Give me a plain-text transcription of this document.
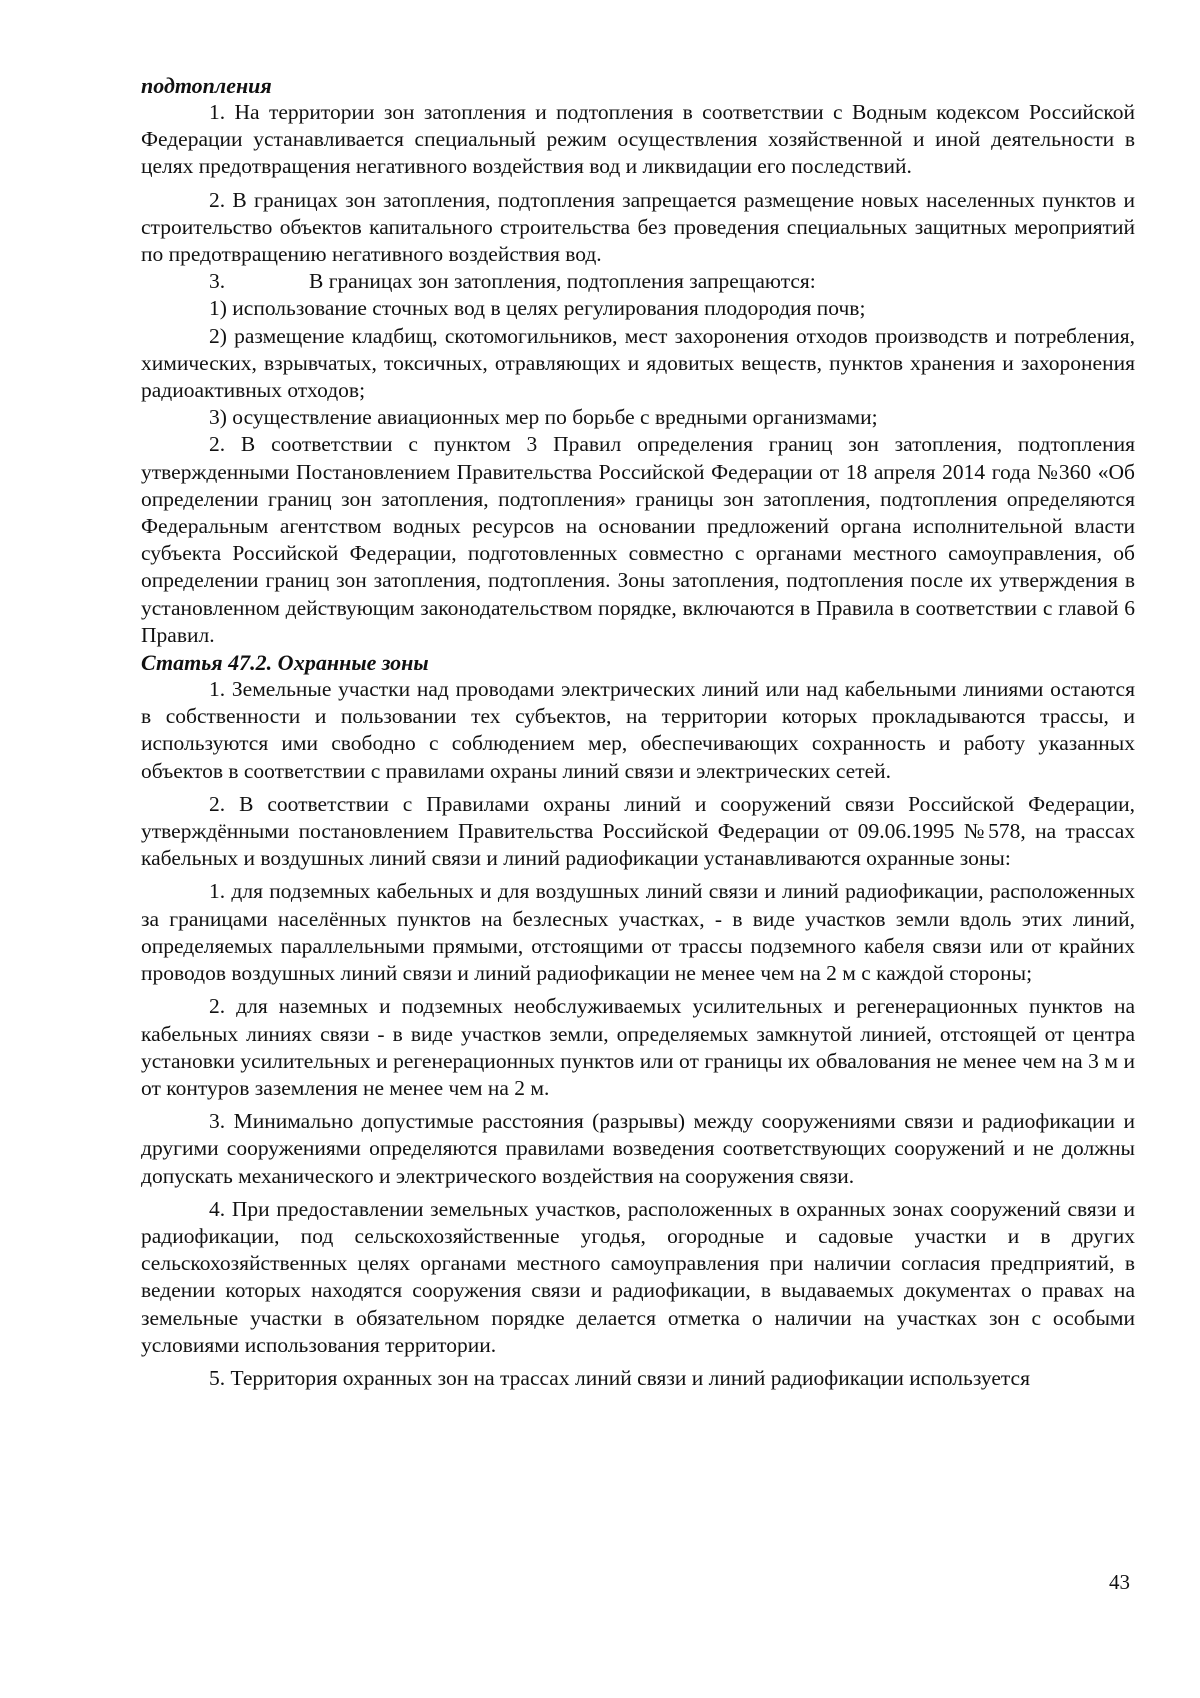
подтопления

1. На территории зон затопления и подтопления в соответствии с Водным кодексом Российской Федерации устанавливается специальный режим осуществления хозяйственной и иной деятельности в целях предотвращения негативного воздействия вод и ликвидации его последствий.

2. В границах зон затопления, подтопления запрещается размещение новых населенных пунктов и строительство объектов капитального строительства без проведения специальных защитных мероприятий по предотвращению негативного воздействия вод.

3.	В границах зон затопления, подтопления запрещаются:

1) использование сточных вод в целях регулирования плодородия почв;

2) размещение кладбищ, скотомогильников, мест захоронения отходов производств и потребления, химических, взрывчатых, токсичных, отравляющих и ядовитых веществ, пунктов хранения и захоронения радиоактивных отходов;

3) осуществление авиационных мер по борьбе с вредными организмами;

2. В соответствии с пунктом 3 Правил определения границ зон затопления, подтопления утвержденными Постановлением Правительства Российской Федерации от 18 апреля 2014 года №360 «Об определении границ зон затопления, подтопления» границы зон затопления, подтопления определяются Федеральным агентством водных ресурсов на основании предложений органа исполнительной власти субъекта Российской Федерации, подготовленных совместно с органами местного самоуправления, об определении границ зон затопления, подтопления. Зоны затопления, подтопления после их утверждения в установленном действующим законодательством порядке, включаются в Правила в соответствии с главой 6 Правил.

Статья 47.2. Охранные зоны

1. Земельные участки над проводами электрических линий или над кабельными линиями остаются в собственности и пользовании тех субъектов, на территории которых прокладываются трассы, и используются ими свободно с соблюдением мер, обеспечивающих сохранность и работу указанных объектов в соответствии с правилами охраны линий связи и электрических сетей.

2. В соответствии с Правилами охраны линий и сооружений связи Российской Федерации, утверждёнными постановлением Правительства Российской Федерации от 09.06.1995 №578, на трассах кабельных и воздушных линий связи и линий радиофикации устанавливаются охранные зоны:

1. для подземных кабельных и для воздушных линий связи и линий радиофикации, расположенных за границами населённых пунктов на безлесных участках, - в виде участков земли вдоль этих линий, определяемых параллельными прямыми, отстоящими от трассы подземного кабеля связи или от крайних проводов воздушных линий связи и линий радиофикации не менее чем на 2 м с каждой стороны;

2. для наземных и подземных необслуживаемых усилительных и регенерационных пунктов на кабельных линиях связи - в виде участков земли, определяемых замкнутой линией, отстоящей от центра установки усилительных и регенерационных пунктов или от границы их обвалования не менее чем на 3 м и от контуров заземления не менее чем на 2 м.

3. Минимально допустимые расстояния (разрывы) между сооружениями связи и радиофикации и другими сооружениями определяются правилами возведения соответствующих сооружений и не должны допускать механического и электрического воздействия на сооружения связи.

4. При предоставлении земельных участков, расположенных в охранных зонах сооружений связи и радиофикации, под сельскохозяйственные угодья, огородные и садовые участки и в других сельскохозяйственных целях органами местного самоуправления при наличии согласия предприятий, в ведении которых находятся сооружения связи и радиофикации, в выдаваемых документах о правах на земельные участки в обязательном порядке делается отметка о наличии на участках зон с особыми условиями использования территории.

5. Территория охранных зон на трассах линий связи и линий радиофикации используется

43
